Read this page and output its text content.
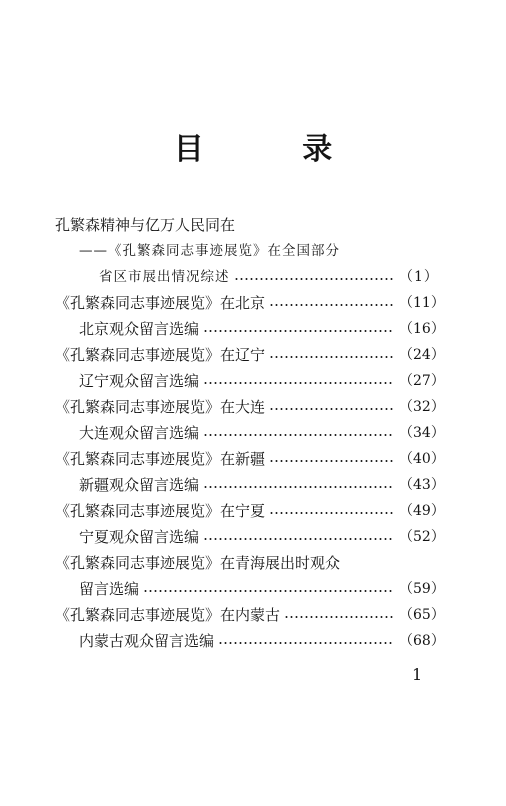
目 录
孔繁森精神与亿万人民同在
——《孔繁森同志事迹展览》在全国部分
省区市展出情况综述	（1）
《孔繁森同志事迹展览》在北京	（11）
北京观众留言选编	（16）
《孔繁森同志事迹展览》在辽宁	（24）
辽宁观众留言选编	（27）
《孔繁森同志事迹展览》在大连	（32）
大连观众留言选编	（34）
《孔繁森同志事迹展览》在新疆	（40）
新疆观众留言选编	（43）
《孔繁森同志事迹展览》在宁夏	（49）
宁夏观众留言选编	（52）
《孔繁森同志事迹展览》在青海展出时观众
留言选编	（59）
《孔繁森同志事迹展览》在内蒙古	（65）
内蒙古观众留言选编	（68）
1
